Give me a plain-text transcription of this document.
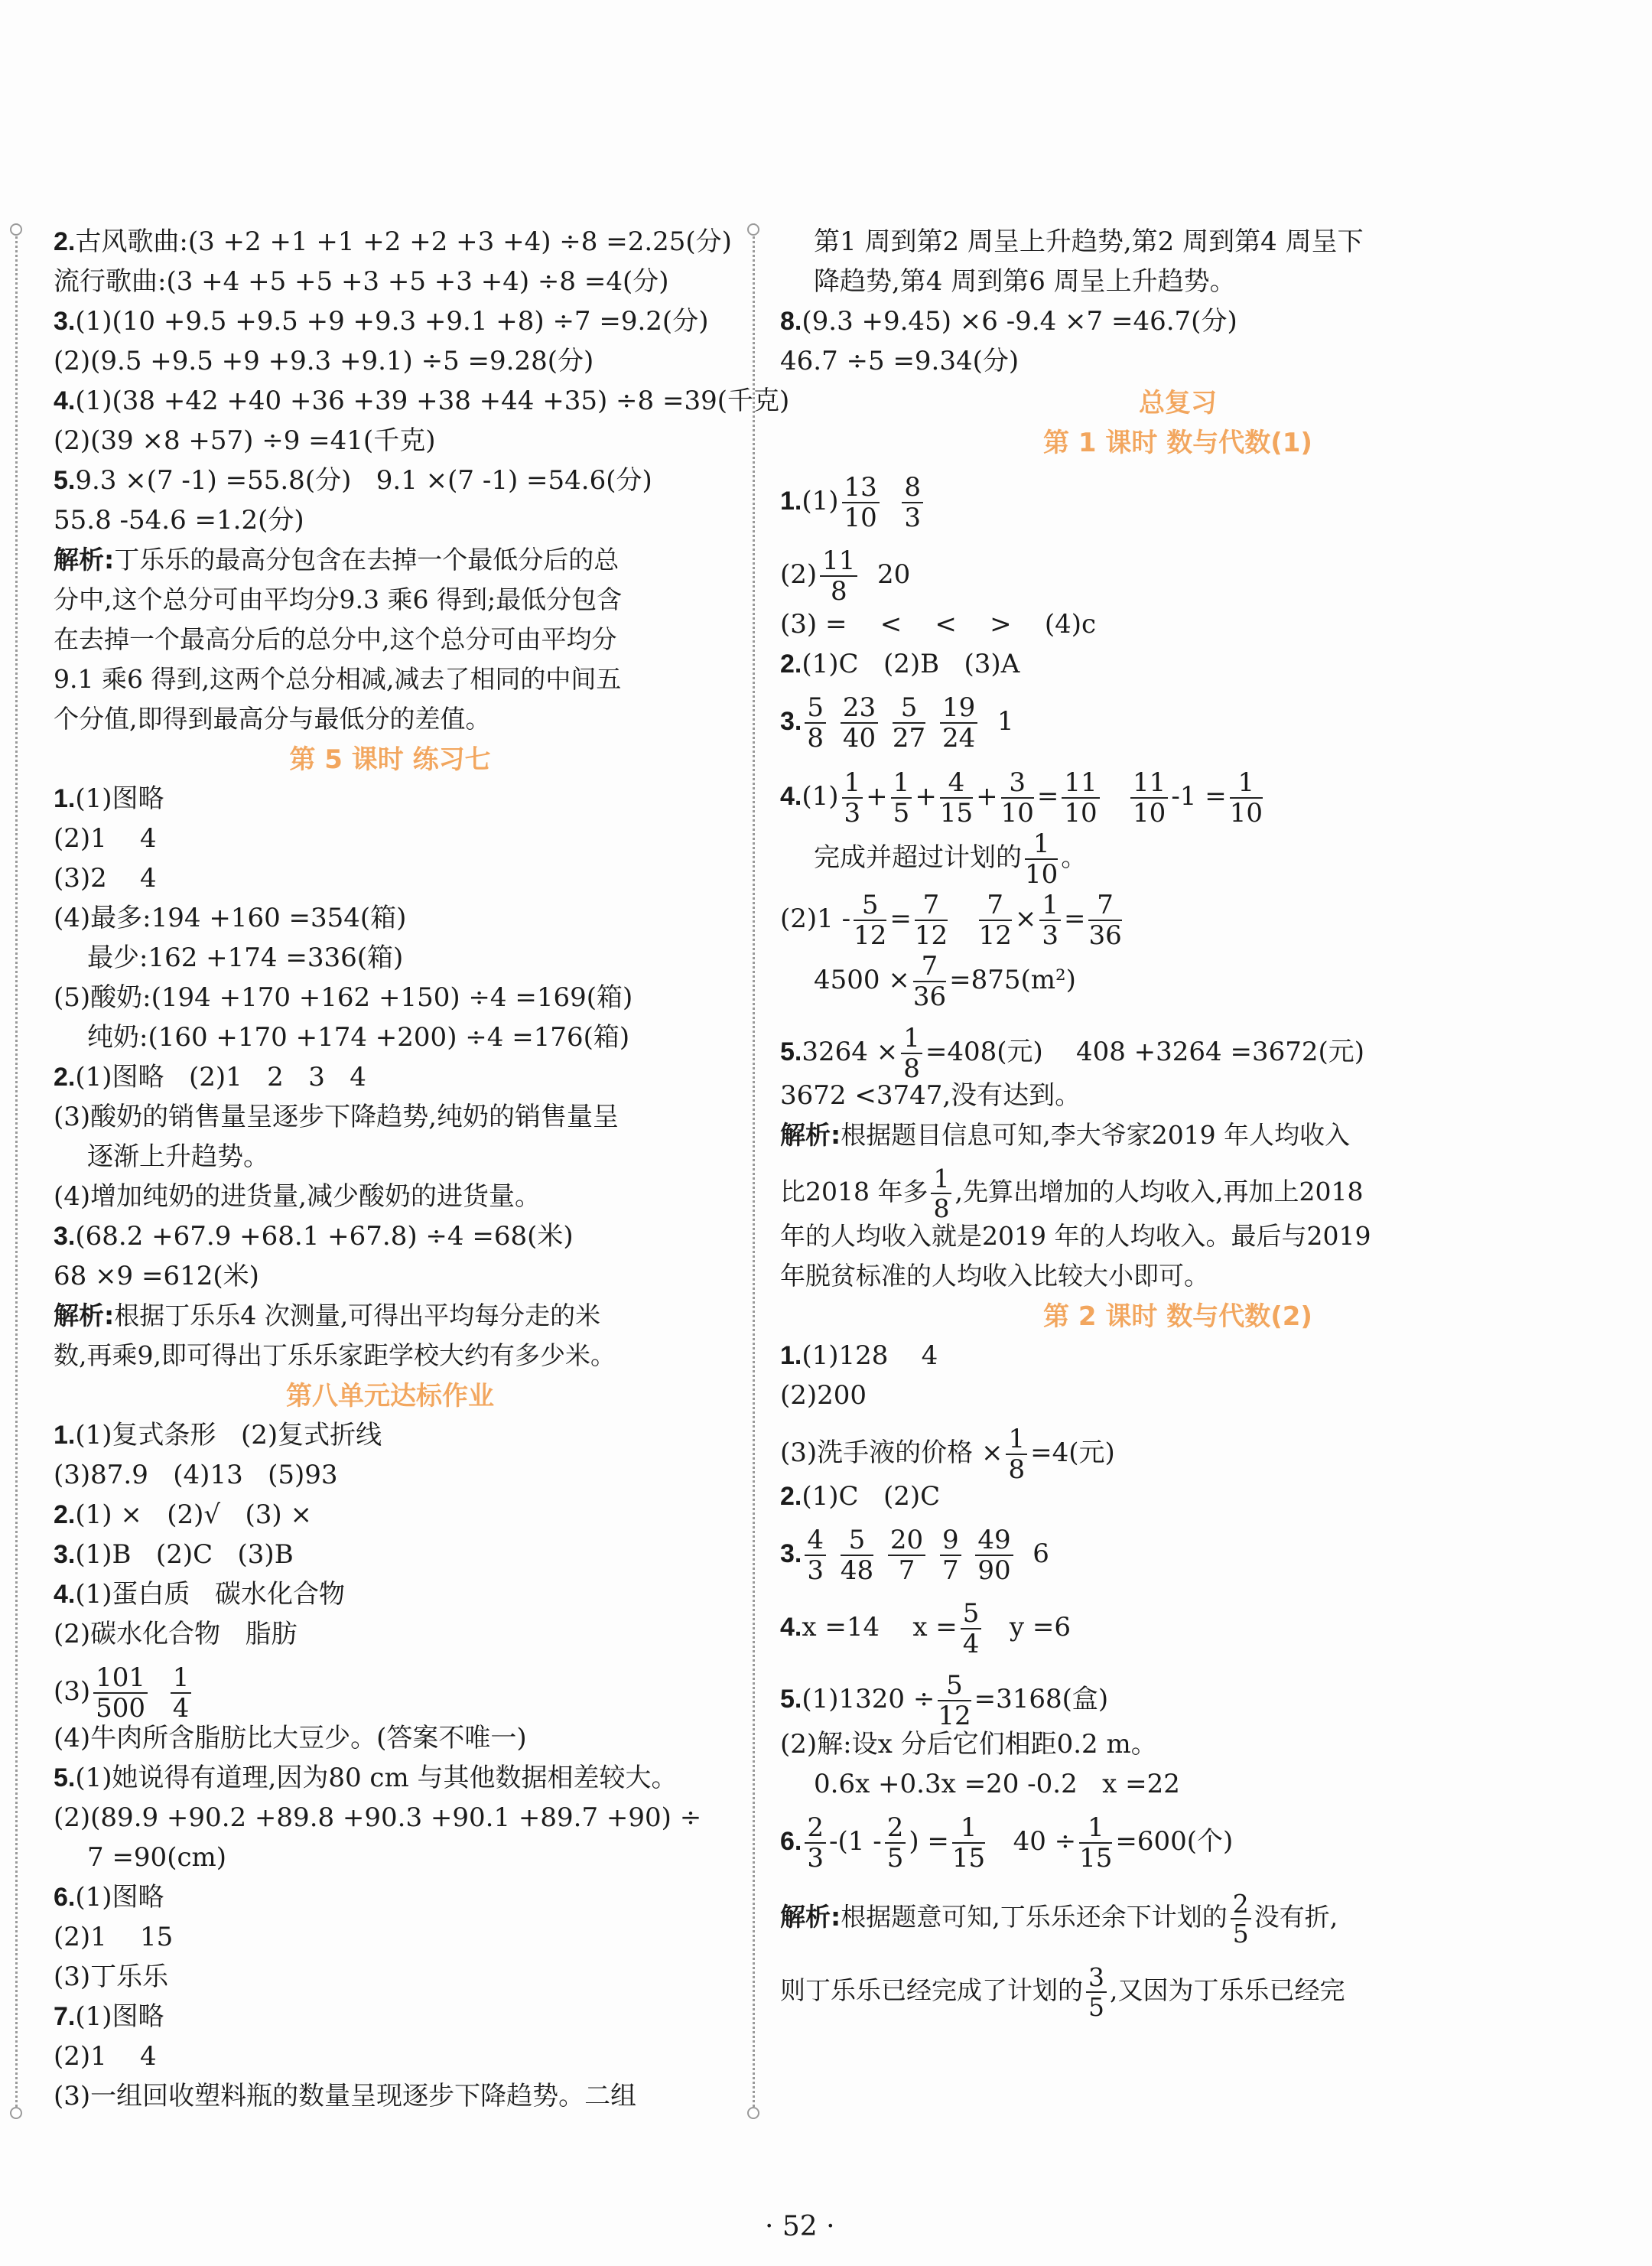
2.古风歌曲:(3 +2 +1 +1 +2 +2 +3 +4) ÷8 =2.25(分)
流行歌曲:(3 +4 +5 +5 +3 +5 +3 +4) ÷8 =4(分)
3.(1)(10 +9.5 +9.5 +9 +9.3 +9.1 +8) ÷7 =9.2(分)
(2)(9.5 +9.5 +9 +9.3 +9.1) ÷5 =9.28(分)
4.(1)(38 +42 +40 +36 +39 +38 +44 +35) ÷8 =39(千克)
(2)(39 ×8 +57) ÷9 =41(千克)
5.9.3 ×(7 -1) =55.8(分)   9.1 ×(7 -1) =54.6(分)
55.8 -54.6 =1.2(分)
解析:丁乐乐的最高分包含在去掉一个最低分后的总
分中,这个总分可由平均分9.3 乘6 得到;最低分包含
在去掉一个最高分后的总分中,这个总分可由平均分
9.1 乘6 得到,这两个总分相减,减去了相同的中间五
个分值,即得到最高分与最低分的差值。
第 5 课时 练习七
1.(1)图略
(2)1    4
(3)2    4
(4)最多:194 +160 =354(箱)
最少:162 +174 =336(箱)
(5)酸奶:(194 +170 +162 +150) ÷4 =169(箱)
纯奶:(160 +170 +174 +200) ÷4 =176(箱)
2.(1)图略   (2)1   2   3   4
(3)酸奶的销售量呈逐步下降趋势,纯奶的销售量呈
逐渐上升趋势。
(4)增加纯奶的进货量,减少酸奶的进货量。
3.(68.2 +67.9 +68.1 +67.8) ÷4 =68(米)
68 ×9 =612(米)
解析:根据丁乐乐4 次测量,可得出平均每分走的米
数,再乘9,即可得出丁乐乐家距学校大约有多少米。
第八单元达标作业
1.(1)复式条形   (2)复式折线
(3)87.9   (4)13   (5)93
2.(1) ×   (2)√   (3) ×
3.(1)B   (2)C   (3)B
4.(1)蛋白质   碳水化合物
(2)碳水化合物   脂肪
$(3) \frac{101}{500}$
$\frac{1}{4}$
(4)牛肉所含脂肪比大豆少。(答案不唯一)
5.(1)她说得有道理,因为80 cm 与其他数据相差较大。
(2)(89.9 +90.2 +89.8 +90.3 +90.1 +89.7 +90) ÷
7 =90(cm)
6.(1)图略
(2)1    15
(3)丁乐乐
7.(1)图略
(2)1    4
(3)一组回收塑料瓶的数量呈现逐步下降趋势。二组
第1 周到第2 周呈上升趋势,第2 周到第4 周呈下
降趋势,第4 周到第6 周呈上升趋势。
8.(9.3 +9.45) ×6 -9.4 ×7 =46.7(分)
46.7 ÷5 =9.34(分)
总复习
第 1 课时 数与代数(1)
$1.(1) \frac{13}{10}$
$\frac{8}{3}$
$(2) \frac{11}{8} 20$
(3) =    <    <    >    (4)c
2.(1)C   (2)B   (3)A
3. $\frac{5}{8}$
$\frac{23}{40}$
$\frac{5}{27}$
$\frac{19}{24} 1$
$4.(1) \frac{1}{3} + \frac{1}{5} + \frac{4}{15} + \frac{3}{10} = \frac{11}{10}$
$\frac{11}{10} -1 = \frac{1}{10}$
完成并超过计划的 $\frac{1}{10}$ 。
$(2)1 - \frac{5}{12} = \frac{7}{12}$
$\frac{7}{12} \times \frac{1}{3} = \frac{7}{36}$
$4500 \times \frac{7}{36} =875(m^2)$
$5.3264 \times \frac{1}{8} =408$(元)    408 +3264 =3672(元)
3672 <3747,没有达到。
解析:根据题目信息可知,李大爷家2019 年人均收入
比2018 年多 $\frac{1}{8}$ ,先算出增加的人均收入,再加上2018
年的人均收入就是2019 年的人均收入。最后与2019
年脱贫标准的人均收入比较大小即可。
第 2 课时 数与代数(2)
1.(1)128    4
(2)200
(3)洗手液的价格 × $\frac{1}{8} =4$(元)
2.(1)C   (2)C
3. $\frac{4}{3}$
$\frac{5}{48}$
$\frac{20}{7}$
$\frac{9}{7}$
$\frac{49}{90} 6$
4.x =14    $x = \frac{5}{4}$ y =6
$5.(1)1320 \div \frac{5}{12} =3168$(盒)
(2)解:设x 分后它们相距0.2 m。
0.6x +0.3x =20 -0.2   x =22
6. $\frac{2}{3} -(1 - \frac{2}{5}$ ) = $\frac{1}{15} 40 \div \frac{1}{15} =600$(个)
解析:根据题意可知,丁乐乐还余下计划的 $\frac{2}{5}$ 没有折,
则丁乐乐已经完成了计划的 $\frac{3}{5}$ ,又因为丁乐乐已经完
· 52 ·
